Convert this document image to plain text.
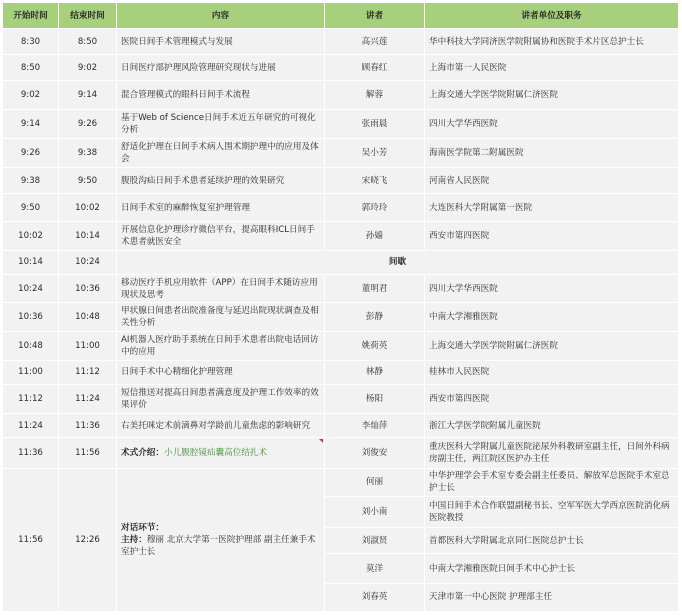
开始时间	结束时间	内容	讲者	讲者单位及职务
8:30	8:50	医院日间手术管理模式与发展	高兴莲	华中科技大学同济医学院附属协和医院手术片区总护士长
8:50	9:02	日间医疗部护理风险管理研究现状与进展	顾春红	上海市第一人民医院
9:02	9:14	混合管理模式的眼科日间手术流程	解蓉	上海交通大学医学院附属仁济医院
9:14	9:26	基于Web of Science日间手术近五年研究的可视化分析	张雨晨	四川大学华西医院
9:26	9:38	舒适化护理在日间手术病人围术期护理中的应用及体会	吴小芳	海南医学院第二附属医院
9:38	9:50	腹股沟疝日间手术患者延续护理的效果研究	宋晓飞	河南省人民医院
9:50	10:02	日间手术室的麻醉恢复室护理管理	郭玲玲	大连医科大学附属第一医院
10:02	10:14	开展信息化护理诊疗微信平台，提高眼科ICL日间手术患者就医安全	孙嫱	西安市第四医院
10:14	10:24	间歇		
10:24	10:36	移动医疗手机应用软件（APP）在日间手术随访应用现状及思考	董明君	四川大学华西医院
10:36	10:48	甲状腺日间患者出院准备度与延迟出院现状调查及相关性分析	彭静	中南大学湘雅医院
10:48	11:00	AI机器人医疗助手系统在日间手术患者出院电话回访中的应用	姚荷英	上海交通大学医学院附属仁济医院
11:00	11:12	日间手术中心精细化护理管理	林静	桂林市人民医院
11:12	11:24	短信推送对提高日间患者满意度及护理工作效率的效果评价	杨阳	西安市第四医院
11:24	11:36	右美托咪定术前滴鼻对学龄前儿童焦虑的影响研究	李灿萍	浙江大学医学院附属儿童医院
11:36	11:56	术式介绍：小儿腹腔镜疝囊高位结扎术	刘俊安	重庆医科大学附属儿童医院泌尿外科教研室副主任，日间外科病房副主任，两江院区医护办主任
11:56	12:26	对话环节：
主持：穆丽 北京大学第一医院护理部 副主任兼手术室护士长	何丽	中华护理学会手术室专委会副主任委员、解放军总医院手术室总护士长
			刘小南	中国日间手术合作联盟副秘书长、空军军医大学西京医院消化病医院教授
			刘淑贤	首都医科大学附属北京同仁医院总护士长
			莫洋	中南大学湘雅医院日间手术中心护士长
			刘春英	天津市第一中心医院 护理部主任
